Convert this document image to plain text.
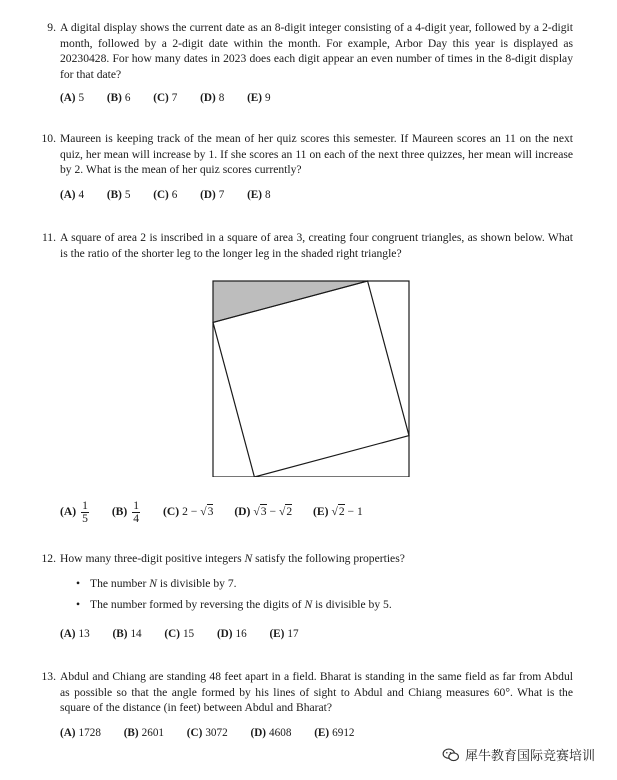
9. A digital display shows the current date as an 8-digit integer consisting of a 4-digit year, followed by a 2-digit month, followed by a 2-digit date within the month. For example, Arbor Day this year is displayed as 20230428. For how many dates in 2023 does each digit appear an even number of times in the 8-digit display for that date?
(A) 5 (B) 6 (C) 7 (D) 8 (E) 9
10. Maureen is keeping track of the mean of her quiz scores this semester. If Maureen scores an 11 on the next quiz, her mean will increase by 1. If she scores an 11 on each of the next three quizzes, her mean will increase by 2. What is the mean of her quiz scores currently?
(A) 4 (B) 5 (C) 6 (D) 7 (E) 8
11. A square of area 2 is inscribed in a square of area 3, creating four congruent triangles, as shown below. What is the ratio of the shorter leg to the longer leg in the shaded right triangle?
$(A) \frac{1}{5} (B) \frac{1}{4} (C) 2 - √3$ (D) √3 − √2 (E) √2 − 1
12. How many three-digit positive integers N satisfy the following properties?
• The number N is divisible by 7.
• The number formed by reversing the digits of N is divisible by 5.
(A) 13 (B) 14 (C) 15 (D) 16 (E) 17
13. Abdul and Chiang are standing 48 feet apart in a field. Bharat is standing in the same field as far from Abdul as possible so that the angle formed by his lines of sight to Abdul and Chiang measures 60°. What is the square of the distance (in feet) between Abdul and Bharat?
(A) 1728 (B) 2601 (C) 3072 (D) 4608 (E) 6912
犀牛教育国际竞赛培训
